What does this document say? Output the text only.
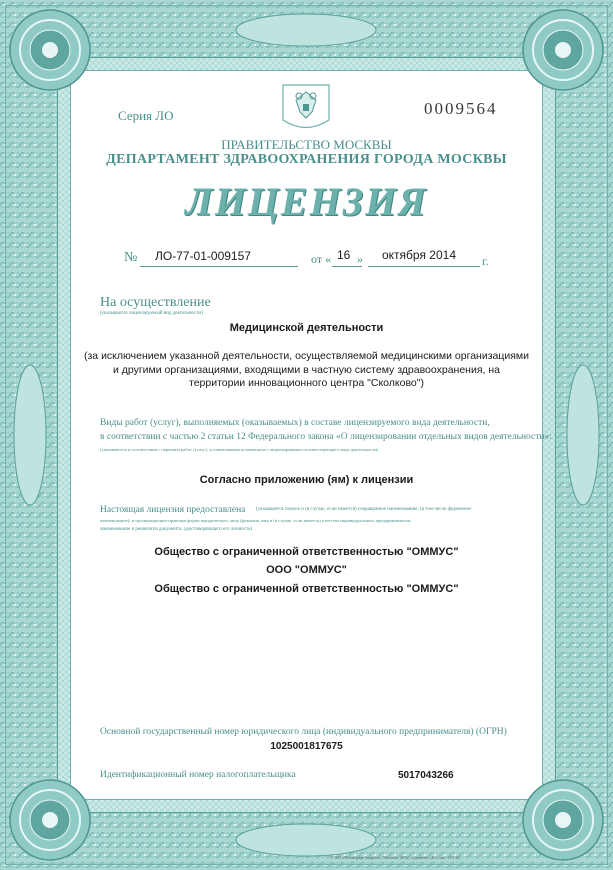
Серия ЛО	0009564
ПРАВИТЕЛЬСТВО МОСКВЫ
ДЕПАРТАМЕНТ ЗДРАВООХРАНЕНИЯ ГОРОДА МОСКВЫ
ЛИЦЕНЗИЯ
№ ЛО-77-01-009157	от « 16 » октября 2014 г.
На осуществление
(указывается лицензируемый вид деятельности)
Медицинской деятельности
(за исключением указанной деятельности, осуществляемой медицинскими организациями
и другими организациями, входящими в частную систему здравоохранения, на
территории инновационного центра "Сколково")
Виды работ (услуг), выполняемых (оказываемых) в составе лицензируемого вида деятельности,
в соответствии с частью 2 статьи 12 Федерального закона «О лицензировании отдельных видов деятельности»:
(указываются в соответствии с перечнем работ (услуг), установленным положением о лицензировании соответствующего вида деятельности)
Согласно приложению (ям) к лицензии
Настоящая лицензия предоставлена (указывается полное и (в случае, если имеется) сокращенное наименование, (в том числе фирменное
наименование), и организационно-правовая форма юридического лица (фамилия, имя и (в случае, если имеется) отчество индивидуального предпринимателя,
наименование и реквизиты документа, удостоверяющего его личность)
Общество с ограниченной ответственностью "ОММУС"
ООО "ОММУС"
Общество с ограниченной ответственностью "ОММУС"
Основной государственный номер юридического лица (индивидуального предпринимателя) (ОГРН)
1025001817675
Идентификационный номер налогоплательщика	5017043266
© АО «Полиграф-защита», Москва, 2012, «уровень «Б», зак. 115-12
